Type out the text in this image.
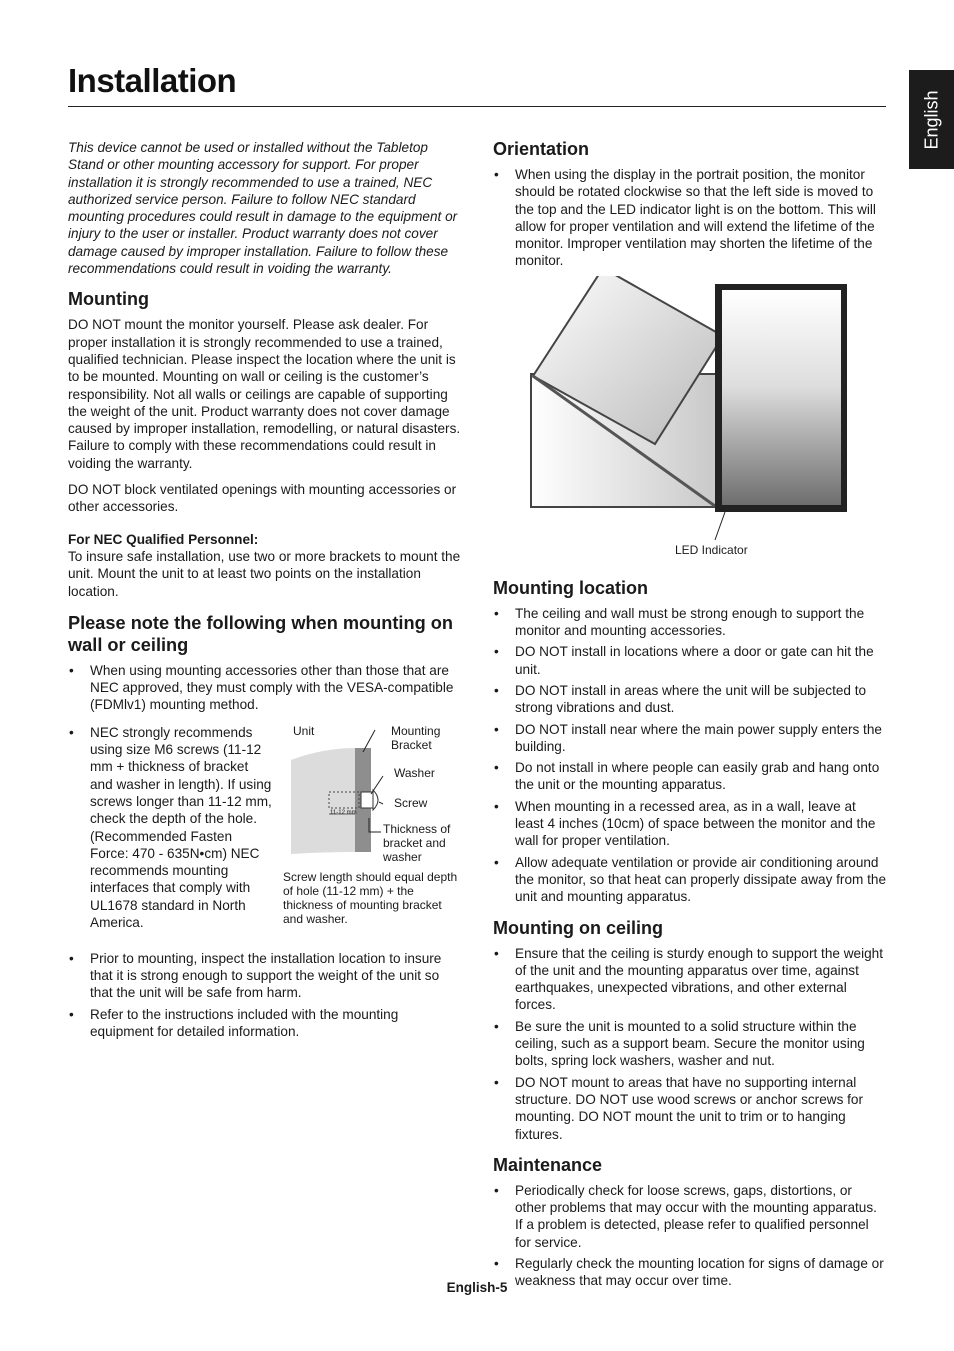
Installation
English

This device cannot be used or installed without the Tabletop Stand or other mounting accessory for support. For proper installation it is strongly recommended to use a trained, NEC authorized service person. Failure to follow NEC standard mounting procedures could result in damage to the equipment or injury to the user or installer. Product warranty does not cover damage caused by improper installation. Failure to follow these recommendations could result in voiding the warranty.

Mounting

DO NOT mount the monitor yourself. Please ask dealer. For proper installation it is strongly recommended to use a trained, qualified technician. Please inspect the location where the unit is to be mounted. Mounting on wall or ceiling is the customer’s responsibility. Not all walls or ceilings are capable of supporting the weight of the unit. Product warranty does not cover damage caused by improper installation, remodelling, or natural disasters. Failure to comply with these recommendations could result in voiding the warranty.

DO NOT block ventilated openings with mounting accessories or other accessories.

For NEC Qualified Personnel:

To insure safe installation, use two or more brackets to mount the unit. Mount the unit to at least two points on the installation location.

Please note the following when mounting on wall or ceiling
• When using mounting accessories other than those that are NEC approved, they must comply with the VESA-compatible (FDMlv1) mounting method.
• NEC strongly recommends using size M6 screws (11-12 mm + thickness of bracket and washer in length). If using screws longer than 11-12 mm, check the depth of the hole. (Recommended Fasten Force: 470 - 635N•cm) NEC recommends mounting interfaces that comply with UL1678 standard in North America.
Unit	Mounting Bracket
Washer
Screw
11-12 mm
Thickness of bracket and washer
Screw length should equal depth of hole (11-12 mm) + the thickness of mounting bracket and washer.
• Prior to mounting, inspect the installation location to insure that it is strong enough to support the weight of the unit so that the unit will be safe from harm.
• Refer to the instructions included with the mounting equipment for detailed information.
Orientation
• When using the display in the portrait position, the monitor should be rotated clockwise so that the left side is moved to the top and the LED indicator light is on the bottom. This will allow for proper ventilation and will extend the lifetime of the monitor. Improper ventilation may shorten the lifetime of the monitor.
LED Indicator
Mounting location
• The ceiling and wall must be strong enough to support the monitor and mounting accessories.
• DO NOT install in locations where a door or gate can hit the unit.
• DO NOT install in areas where the unit will be subjected to strong vibrations and dust.
• DO NOT install near where the main power supply enters the building.
• Do not install in where people can easily grab and hang onto the unit or the mounting apparatus.
• When mounting in a recessed area, as in a wall, leave at least 4 inches (10cm) of space between the monitor and the wall for proper ventilation.
• Allow adequate ventilation or provide air conditioning around the monitor, so that heat can properly dissipate away from the unit and mounting apparatus.
Mounting on ceiling
• Ensure that the ceiling is sturdy enough to support the weight of the unit and the mounting apparatus over time, against earthquakes, unexpected vibrations, and other external forces.
• Be sure the unit is mounted to a solid structure within the ceiling, such as a support beam. Secure the monitor using bolts, spring lock washers, washer and nut.
• DO NOT mount to areas that have no supporting internal structure. DO NOT use wood screws or anchor screws for mounting. DO NOT mount the unit to trim or to hanging fixtures.
Maintenance
• Periodically check for loose screws, gaps, distortions, or other problems that may occur with the mounting apparatus. If a problem is detected, please refer to qualified personnel for service.
• Regularly check the mounting location for signs of damage or weakness that may occur over time.
English-5
